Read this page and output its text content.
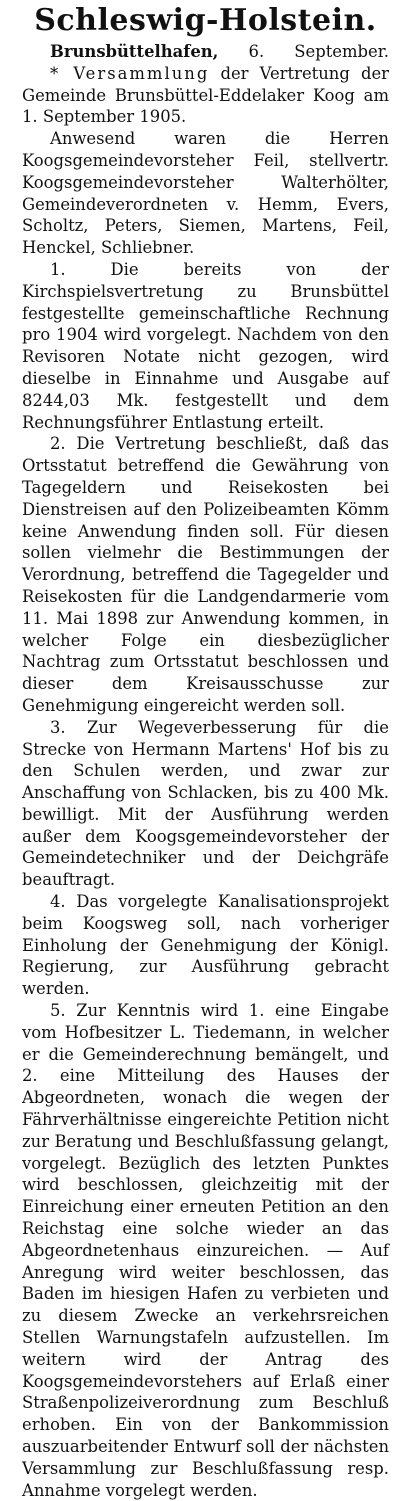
Schleswig-Holstein.

Brunsbüttelhafen, 6. September.

* Versammlung der Vertretung der Gemeinde Brunsbüttel-Eddelaker Koog am 1. September 1905.

Anwesend waren die Herren Koogsgemeindevorsteher Feil, stellvertr. Koogsgemeindevorsteher Walterhölter, Gemeindeverordneten v. Hemm, Evers, Scholtz, Peters, Siemen, Martens, Feil, Henckel, Schliebner.

1. Die bereits von der Kirchspielsvertretung zu Brunsbüttel festgestellte gemeinschaftliche Rechnung pro 1904 wird vorgelegt. Nachdem von den Revisoren Notate nicht gezogen, wird dieselbe in Einnahme und Ausgabe auf 8244,03 Mk. festgestellt und dem Rechnungsführer Entlastung erteilt.

2. Die Vertretung beschließt, daß das Ortsstatut betreffend die Gewährung von Tagegeldern und Reisekosten bei Dienstreisen auf den Polizeibeamten Kömm keine Anwendung finden soll. Für diesen sollen vielmehr die Bestimmungen der Verordnung, betreffend die Tagegelder und Reisekosten für die Landgendarmerie vom 11. Mai 1898 zur Anwendung kommen, in welcher Folge ein diesbezüglicher Nachtrag zum Ortsstatut beschlossen und dieser dem Kreisausschusse zur Genehmigung eingereicht werden soll.

3. Zur Wegeverbesserung für die Strecke von Hermann Martens' Hof bis zu den Schulen werden, und zwar zur Anschaffung von Schlacken, bis zu 400 Mk. bewilligt. Mit der Ausführung werden außer dem Koogsgemeindevorsteher der Gemeindetechniker und der Deichgräfe beauftragt.

4. Das vorgelegte Kanalisationsprojekt beim Koogsweg soll, nach vorheriger Einholung der Genehmigung der Königl. Regierung, zur Ausführung gebracht werden.

5. Zur Kenntnis wird 1. eine Eingabe vom Hofbesitzer L. Tiedemann, in welcher er die Gemeinderechnung bemängelt, und 2. eine Mitteilung des Hauses der Abgeordneten, wonach die wegen der Fährverhältnisse eingereichte Petition nicht zur Beratung und Beschlußfassung gelangt, vorgelegt. Bezüglich des letzten Punktes wird beschlossen, gleichzeitig mit der Einreichung einer erneuten Petition an den Reichstag eine solche wieder an das Abgeordnetenhaus einzureichen. — Auf Anregung wird weiter beschlossen, das Baden im hiesigen Hafen zu verbieten und zu diesem Zwecke an verkehrsreichen Stellen Warnungstafeln aufzustellen. Im weitern wird der Antrag des Koogsgemeindevorstehers auf Erlaß einer Straßenpolizeiverordnung zum Beschluß erhoben. Ein von der Bankommission auszuarbeitender Entwurf soll der nächsten Versammlung zur Beschlußfassung resp. Annahme vorgelegt werden.
